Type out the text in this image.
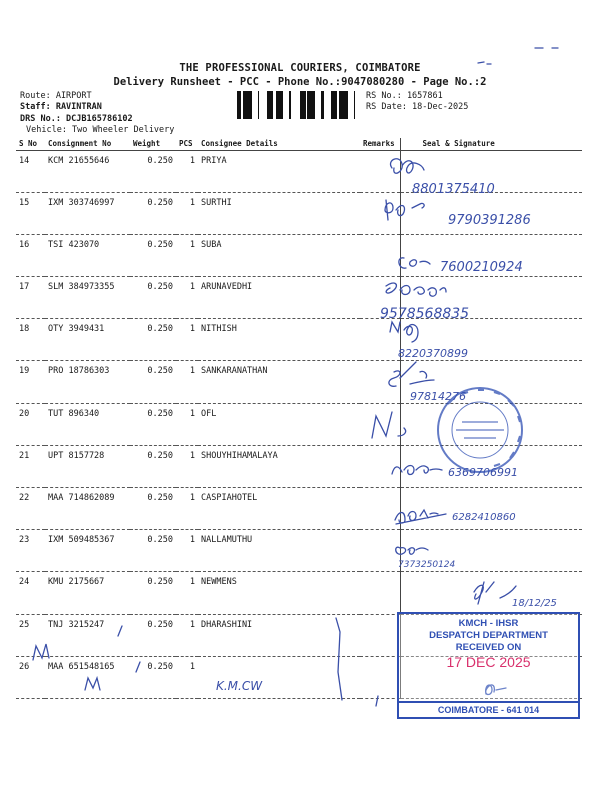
THE PROFESSIONAL COURIERS, COIMBATORE
Delivery Runsheet - PCC - Phone No.:9047080280 - Page No.:2
Route: AIRPORT
Staff: RAVINTRAN
DRS No.: DCJB165786102
Vehicle: Two Wheeler Delivery
RS No.: 1657861
RS Date: 18-Dec-2025
S No	Consignment No	Weight	PCS	Consignee Details	Remarks	Seal & Signature
14	KCM 21655646	0.250	1	PRIYA		
15	IXM 303746997	0.250	1	SURTHI		
16	TSI 423070	0.250	1	SUBA		
17	SLM 384973355	0.250	1	ARUNAVEDHI		
18	OTY 3949431	0.250	1	NITHISH		
19	PRO 18786303	0.250	1	SANKARANATHAN		
20	TUT 896340	0.250	1	OFL		
21	UPT 8157728	0.250	1	SHOUYHIHAMALAYA		
22	MAA 714862089	0.250	1	CASPIAHOTEL		
23	IXM 509485367	0.250	1	NALLAMUTHU		
24	KMU 2175667	0.250	1	NEWMENS		
25	TNJ 3215247	0.250	1	DHARASHINI		
26	MAA 651548165	0.250	1			
8801375410
9790391286
7600210924
9578568835
8220370899
97814276
6369706991
6282410860
7373250124
18/12/25
K.M.CW
KMCH - IHSR
DESPATCH DEPARTMENT
RECEIVED ON
17 DEC 2025
COIMBATORE - 641 014
